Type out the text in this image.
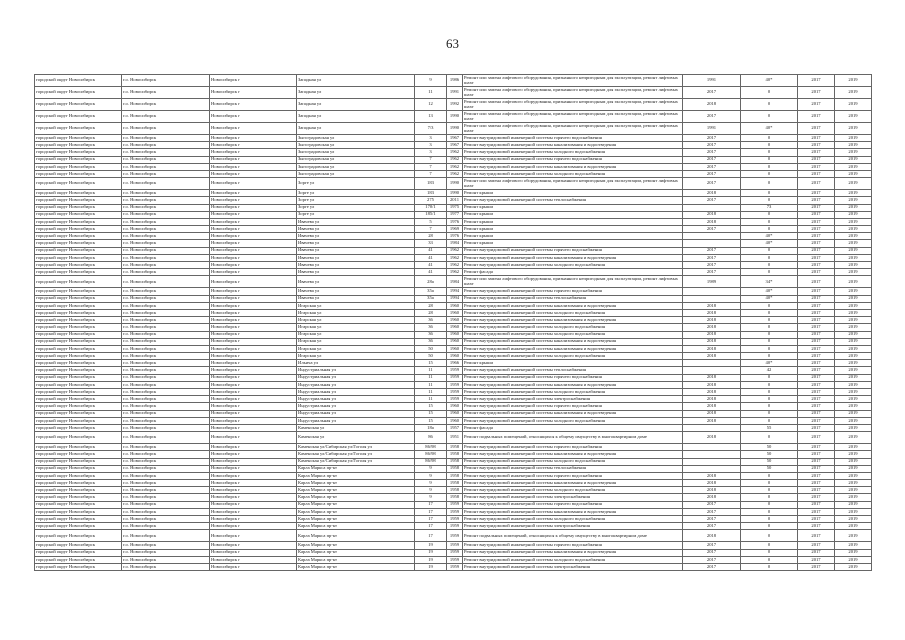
63
городской округ Новосибирск	г.о. Новосибирск	Новосибирск г	Западная ул	9	1986	Ремонт или замена лифтового оборудования, признанного непригодным для эксплуатации, ремонт лифтовых шахт	1991	40*	2017	2019
городской округ Новосибирск	г.о. Новосибирск	Новосибирск г	Западная ул	11	1991	Ремонт или замена лифтового оборудования, признанного непригодным для эксплуатации, ремонт лифтовых шахт	2017	0	2017	2019
городской округ Новосибирск	г.о. Новосибирск	Новосибирск г	Западная ул	12	1992	Ремонт или замена лифтового оборудования, признанного непригодным для эксплуатации, ремонт лифтовых шахт	2018	0	2017	2019
городской округ Новосибирск	г.о. Новосибирск	Новосибирск г	Западная ул	13	1990	Ремонт или замена лифтового оборудования, признанного непригодным для эксплуатации, ремонт лифтовых шахт	2017	0	2017	2019
городской округ Новосибирск	г.о. Новосибирск	Новосибирск г	Западная ул	7/3	1990	Ремонт или замена лифтового оборудования, признанного непригодным для эксплуатации, ремонт лифтовых шахт	1991	40*	2017	2019
городской округ Новосибирск	г.о. Новосибирск	Новосибирск г	Зыгоградовская ул	3	1967	Ремонт внутридомовой инженерной системы горячего водоснабжения	2017	0	2017	2019
городской округ Новосибирск	г.о. Новосибирск	Новосибирск г	Зыгоградовская ул	3	1967	Ремонт внутридомовой инженерной системы канализования и водоотведения	2017	0	2017	2019
городской округ Новосибирск	г.о. Новосибирск	Новосибирск г	Зыгоградовская ул	3	1962	Ремонт внутридомовой инженерной системы холодного водоснабжения	2017	0	2017	2019
городской округ Новосибирск	г.о. Новосибирск	Новосибирск г	Зыгоградовская ул	7	1962	Ремонт внутридомовой инженерной системы горячего водоснабжения	2017	0	2017	2019
городской округ Новосибирск	г.о. Новосибирск	Новосибирск г	Зыгоградовская ул	7	1962	Ремонт внутридомовой инженерной системы канализования и водоотведения	2017	0	2017	2019
городской округ Новосибирск	г.о. Новосибирск	Новосибирск г	Зыгоградовская ул	7	1962	Ремонт внутридомовой инженерной системы холодного водоснабжения	2017	0	2017	2019
городской округ Новосибирск	г.о. Новосибирск	Новосибирск г	Зорге ул	183	1990	Ремонт или замена лифтового оборудования, признанного непригодным для эксплуатации, ремонт лифтовых шахт	2017	0	2017	2019
городской округ Новосибирск	г.о. Новосибирск	Новосибирск г	Зорге ул	183	1990	Ремонт крыши	2018	0	2017	2019
городской округ Новосибирск	г.о. Новосибирск	Новосибирск г	Зорге ул	275	2011	Ремонт внутридомовой инженерной системы теплоснабжения	2017	0	2017	2019
городской округ Новосибирск	г.о. Новосибирск	Новосибирск г	Зорге ул	170/1	1975	Ремонт крыши		73	2017	2019
городской округ Новосибирск	г.о. Новосибирск	Новосибирск г	Зорге ул	185/1	1977	Ремонт крыши	2018	0	2017	2019
городской округ Новосибирск	г.о. Новосибирск	Новосибирск г	Ивачева ул	5	1976	Ремонт крыши	2018	0	2017	2019
городской округ Новосибирск	г.о. Новосибирск	Новосибирск г	Ивачева ул	7	1969	Ремонт крыши	2017	0	2017	2019
городской округ Новосибирск	г.о. Новосибирск	Новосибирск г	Ивачева ул	28	1976	Ремонт крыши		40*	2017	2019
городской округ Новосибирск	г.о. Новосибирск	Новосибирск г	Ивачева ул	33	1984	Ремонт крыши		40*	2017	2019
городской округ Новосибирск	г.о. Новосибирск	Новосибирск г	Ивачева ул	41	1962	Ремонт внутридомовой инженерной системы горячего водоснабжения	2017	0	2017	2019
городской округ Новосибирск	г.о. Новосибирск	Новосибирск г	Ивачева ул	41	1962	Ремонт внутридомовой инженерной системы канализования и водоотведения	2017	0	2017	2019
городской округ Новосибирск	г.о. Новосибирск	Новосибирск г	Ивачева ул	41	1962	Ремонт внутридомовой инженерной системы холодного водоснабжения	2017	0	2017	2019
городской округ Новосибирск	г.о. Новосибирск	Новосибирск г	Ивачева ул	41	1962	Ремонт фасада	2017	0	2017	2019
городской округ Новосибирск	г.о. Новосибирск	Новосибирск г	Ивачева ул	28а	1984	Ремонт или замена лифтового оборудования, признанного непригодным для эксплуатации, ремонт лифтовых шахт	1989	34*	2017	2019
городской округ Новосибирск	г.о. Новосибирск	Новосибирск г	Ивачева ул	35а	1994	Ремонт внутридомовой инженерной системы горячего водоснабжения		40*	2017	2019
городской округ Новосибирск	г.о. Новосибирск	Новосибирск г	Ивачева ул	35а	1994	Ремонт внутридомовой инженерной системы теплоснабжения		40*	2017	2019
городской округ Новосибирск	г.о. Новосибирск	Новосибирск г	Игарская ул	28	1960	Ремонт внутридомовой инженерной системы канализования и водоотведения	2018	0	2017	2019
городской округ Новосибирск	г.о. Новосибирск	Новосибирск г	Игарская ул	28	1960	Ремонт внутридомовой инженерной системы холодного водоснабжения	2018	0	2017	2019
городской округ Новосибирск	г.о. Новосибирск	Новосибирск г	Игарская ул	36	1960	Ремонт внутридомовой инженерной системы канализования и водоотведения	2018	0	2017	2019
городской округ Новосибирск	г.о. Новосибирск	Новосибирск г	Игарская ул	36	1960	Ремонт внутридомовой инженерной системы холодного водоснабжения	2018	0	2017	2019
городской округ Новосибирск	г.о. Новосибирск	Новосибирск г	Игарская ул	36	1960	Ремонт внутридомовой инженерной системы холодного водоснабжения	2018	0	2017	2019
городской округ Новосибирск	г.о. Новосибирск	Новосибирск г	Игарская ул	36	1960	Ремонт внутридомовой инженерной системы канализования и водоотведения	2018	0	2017	2019
городской округ Новосибирск	г.о. Новосибирск	Новосибирск г	Игарская ул	50	1960	Ремонт внутридомовой инженерной системы канализования и водоотведения	2018	0	2017	2019
городской округ Новосибирск	г.о. Новосибирск	Новосибирск г	Игарская ул	50	1960	Ремонт внутридомовой инженерной системы холодного водоснабжения	2018	0	2017	2019
городской округ Новосибирск	г.о. Новосибирск	Новосибирск г	Ильича ул	15	1966	Ремонт крыши		40*	2017	2019
городской округ Новосибирск	г.о. Новосибирск	Новосибирск г	Индустриальная ул	11	1959	Ремонт внутридомовой инженерной системы теплоснабжения		42	2017	2019
городской округ Новосибирск	г.о. Новосибирск	Новосибирск г	Индустриальная ул	11	1959	Ремонт внутридомовой инженерной системы горячего водоснабжения	2018	0	2017	2019
городской округ Новосибирск	г.о. Новосибирск	Новосибирск г	Индустриальная ул	11	1959	Ремонт внутридомовой инженерной системы канализования и водоотведения	2018	0	2017	2019
городской округ Новосибирск	г.о. Новосибирск	Новосибирск г	Индустриальная ул	11	1959	Ремонт внутридомовой инженерной системы холодного водоснабжения	2018	0	2017	2019
городской округ Новосибирск	г.о. Новосибирск	Новосибирск г	Индустриальная ул	11	1959	Ремонт внутридомовой инженерной системы электроснабжения	2018	0	2017	2019
городской округ Новосибирск	г.о. Новосибирск	Новосибирск г	Индустриальная ул	15	1960	Ремонт внутридомовой инженерной системы горячего водоснабжения	2018	0	2017	2019
городской округ Новосибирск	г.о. Новосибирск	Новосибирск г	Индустриальная ул	15	1960	Ремонт внутридомовой инженерной системы канализования и водоотведения	2018	0	2017	2019
городской округ Новосибирск	г.о. Новосибирск	Новосибирск г	Индустриальная ул	15	1960	Ремонт внутридомовой инженерной системы холодного водоснабжения	2018	0	2017	2019
городской округ Новосибирск	г.о. Новосибирск	Новосибирск г	Каменская ул	18а	1957	Ремонт фасада		55	2017	2019
городской округ Новосибирск	г.о. Новосибирск	Новосибирск г	Каменская ул	86	1951	Ремонт подвальных помещений, относящихся к общему имуществу в многоквартирном доме	2018	0	2017	2019
городской округ Новосибирск	г.о. Новосибирск	Новосибирск г	Каменская ул/Сибирская ул/Гоголя ул	86/98	1958	Ремонт внутридомовой инженерной системы горячего водоснабжения		50	2017	2019
городской округ Новосибирск	г.о. Новосибирск	Новосибирск г	Каменская ул/Сибирская ул/Гоголя ул	86/98	1958	Ремонт внутридомовой инженерной системы канализования и водоотведения		50	2017	2019
городской округ Новосибирск	г.о. Новосибирск	Новосибирск г	Каменская ул/Сибирская ул/Гоголя ул	86/98	1958	Ремонт внутридомовой инженерной системы холодного водоснабжения		50	2017	2019
городской округ Новосибирск	г.о. Новосибирск	Новосибирск г	Карла Маркса пр-кт	9	1958	Ремонт внутридомовой инженерной системы теплоснабжения		50	2017	2019
городской округ Новосибирск	г.о. Новосибирск	Новосибирск г	Карла Маркса пр-кт	9	1958	Ремонт внутридомовой инженерной системы горячего водоснабжения	2018	0	2017	2019
городской округ Новосибирск	г.о. Новосибирск	Новосибирск г	Карла Маркса пр-кт	9	1958	Ремонт внутридомовой инженерной системы канализования и водоотведения	2018	0	2017	2019
городской округ Новосибирск	г.о. Новосибирск	Новосибирск г	Карла Маркса пр-кт	9	1958	Ремонт внутридомовой инженерной системы холодного водоснабжения	2018	0	2017	2019
городской округ Новосибирск	г.о. Новосибирск	Новосибирск г	Карла Маркса пр-кт	9	1958	Ремонт внутридомовой инженерной системы электроснабжения	2018	0	2017	2019
городской округ Новосибирск	г.о. Новосибирск	Новосибирск г	Карла Маркса пр-кт	17	1959	Ремонт внутридомовой инженерной системы горячего водоснабжения	2017	0	2017	2019
городской округ Новосибирск	г.о. Новосибирск	Новосибирск г	Карла Маркса пр-кт	17	1959	Ремонт внутридомовой инженерной системы канализования и водоотведения	2017	0	2017	2019
городской округ Новосибирск	г.о. Новосибирск	Новосибирск г	Карла Маркса пр-кт	17	1959	Ремонт внутридомовой инженерной системы холодного водоснабжения	2017	0	2017	2019
городской округ Новосибирск	г.о. Новосибирск	Новосибирск г	Карла Маркса пр-кт	17	1959	Ремонт внутридомовой инженерной системы электроснабжения	2017	0	2017	2019
городской округ Новосибирск	г.о. Новосибирск	Новосибирск г	Карла Маркса пр-кт	17	1959	Ремонт подвальных помещений, относящихся к общему имуществу в многоквартирном доме	2018	0	2017	2019
городской округ Новосибирск	г.о. Новосибирск	Новосибирск г	Карла Маркса пр-кт	19	1959	Ремонт внутридомовой инженерной системы горячего водоснабжения	2017	0	2017	2019
городской округ Новосибирск	г.о. Новосибирск	Новосибирск г	Карла Маркса пр-кт	19	1959	Ремонт внутридомовой инженерной системы канализования и водоотведения	2017	0	2017	2019
городской округ Новосибирск	г.о. Новосибирск	Новосибирск г	Карла Маркса пр-кт	19	1959	Ремонт внутридомовой инженерной системы холодного водоснабжения	2017	0	2017	2019
городской округ Новосибирск	г.о. Новосибирск	Новосибирск г	Карла Маркса пр-кт	19	1959	Ремонт внутридомовой инженерной системы электроснабжения	2017	0	2017	2019
